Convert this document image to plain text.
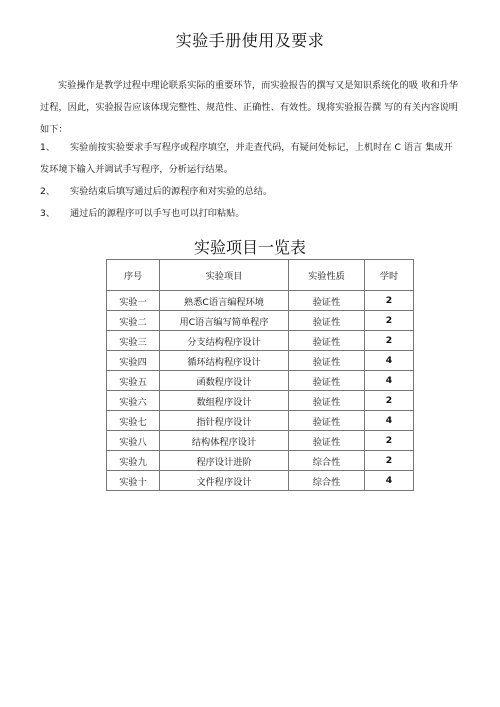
实验手册使用及要求

实验操作是教学过程中理论联系实际的重要环节，而实验报告的撰写又是知识系统化的吸 收和升华过程，因此，实验报告应该体现完整性、规范性、正确性、有效性。现将实验报告撰 写的有关内容说明如下：

1、 实验前按实验要求手写程序或程序填空，并走查代码，有疑问处标记，上机时在 C 语言 集成开发环境下输入并调试手写程序，分析运行结果。
2、 实验结束后填写通过后的源程序和对实验的总结。
3、 通过后的源程序可以手写也可以打印粘贴。
实验项目一览表
序号	实验项目	实验性质	学时
实验一	熟悉C语言编程环境	验证性	2
实验二	用C语言编写简单程序	验证性	2
实验三	分支结构程序设计	验证性	2
实验四	循环结构程序设计	验证性	4
实验五	函数程序设计	验证性	4
实验六	数组程序设计	验证性	2
实验七	指针程序设计	验证性	4
实验八	结构体程序设计	验证性	2
实验九	程序设计进阶	综合性	2
实验十	文件程序设计	综合性	4
